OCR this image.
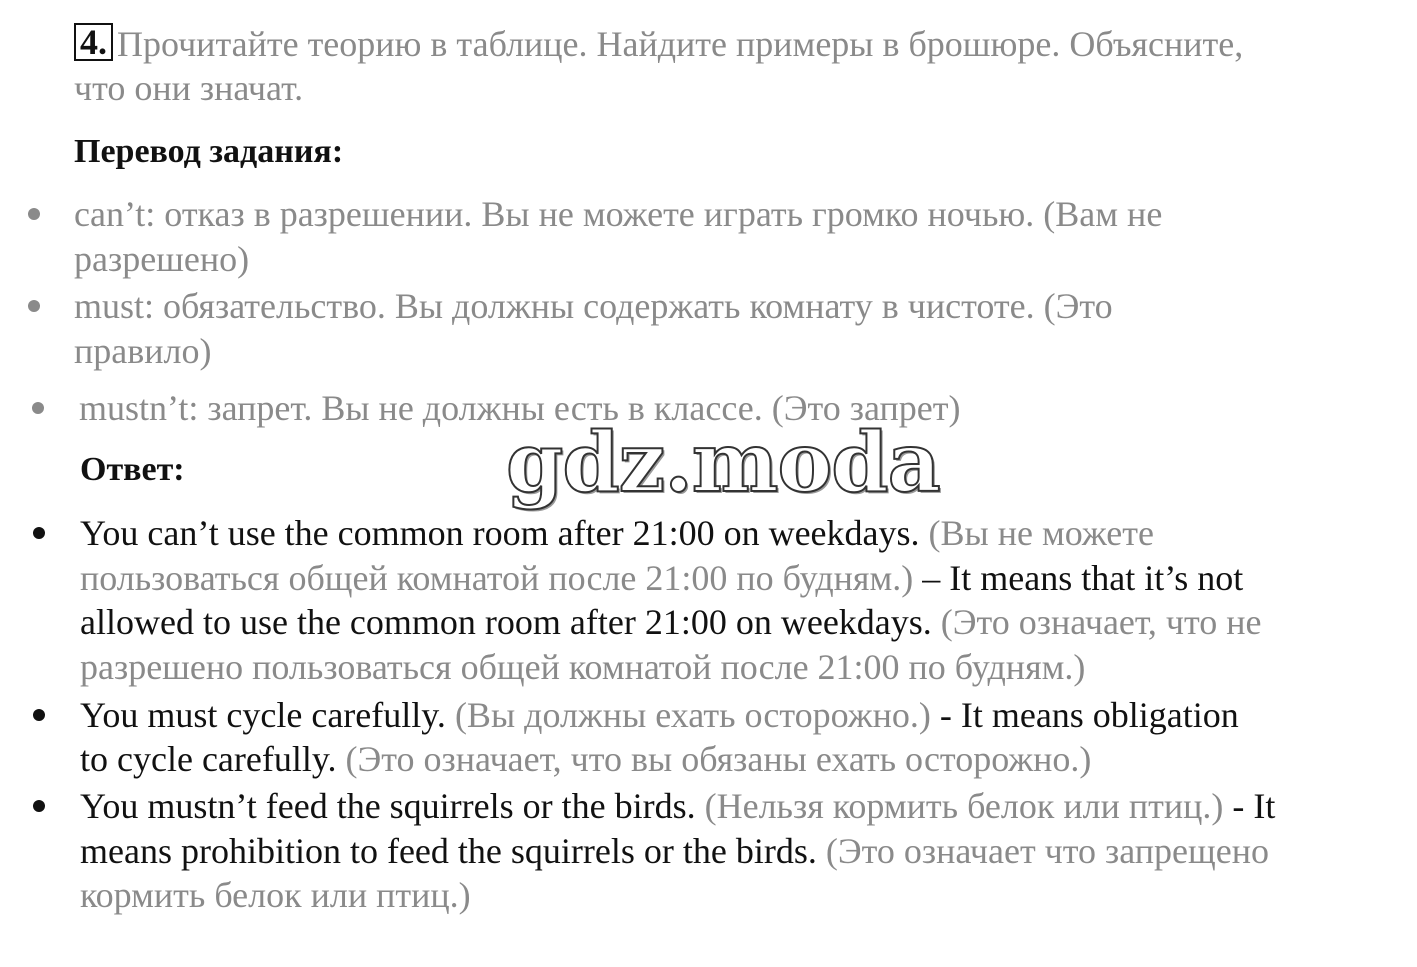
4. Прочитайте теорию в таблице. Найдите примеры в брошюре. Объясните,
что они значат.
Перевод задания:
can’t: отказ в разрешении. Вы не можете играть громко ночью. (Вам не
разрешено)
must: обязательство. Вы должны содержать комнату в чистоте. (Это
правило)
mustn’t: запрет. Вы не должны есть в классе. (Это запрет)
Ответ:
You can’t use the common room after 21:00 on weekdays. (Вы не можете
пользоваться общей комнатой после 21:00 по будням.) – It means that it’s not
allowed to use the common room after 21:00 on weekdays. (Это означает, что не
разрешено пользоваться общей комнатой после 21:00 по будням.)
You must cycle carefully. (Вы должны ехать осторожно.) - It means obligation
to cycle carefully. (Это означает, что вы обязаны ехать осторожно.)
You mustn’t feed the squirrels or the birds. (Нельзя кормить белок или птиц.) - It
means prohibition to feed the squirrels or the birds. (Это означает что запрещено
кормить белок или птиц.)
gdz.moda
